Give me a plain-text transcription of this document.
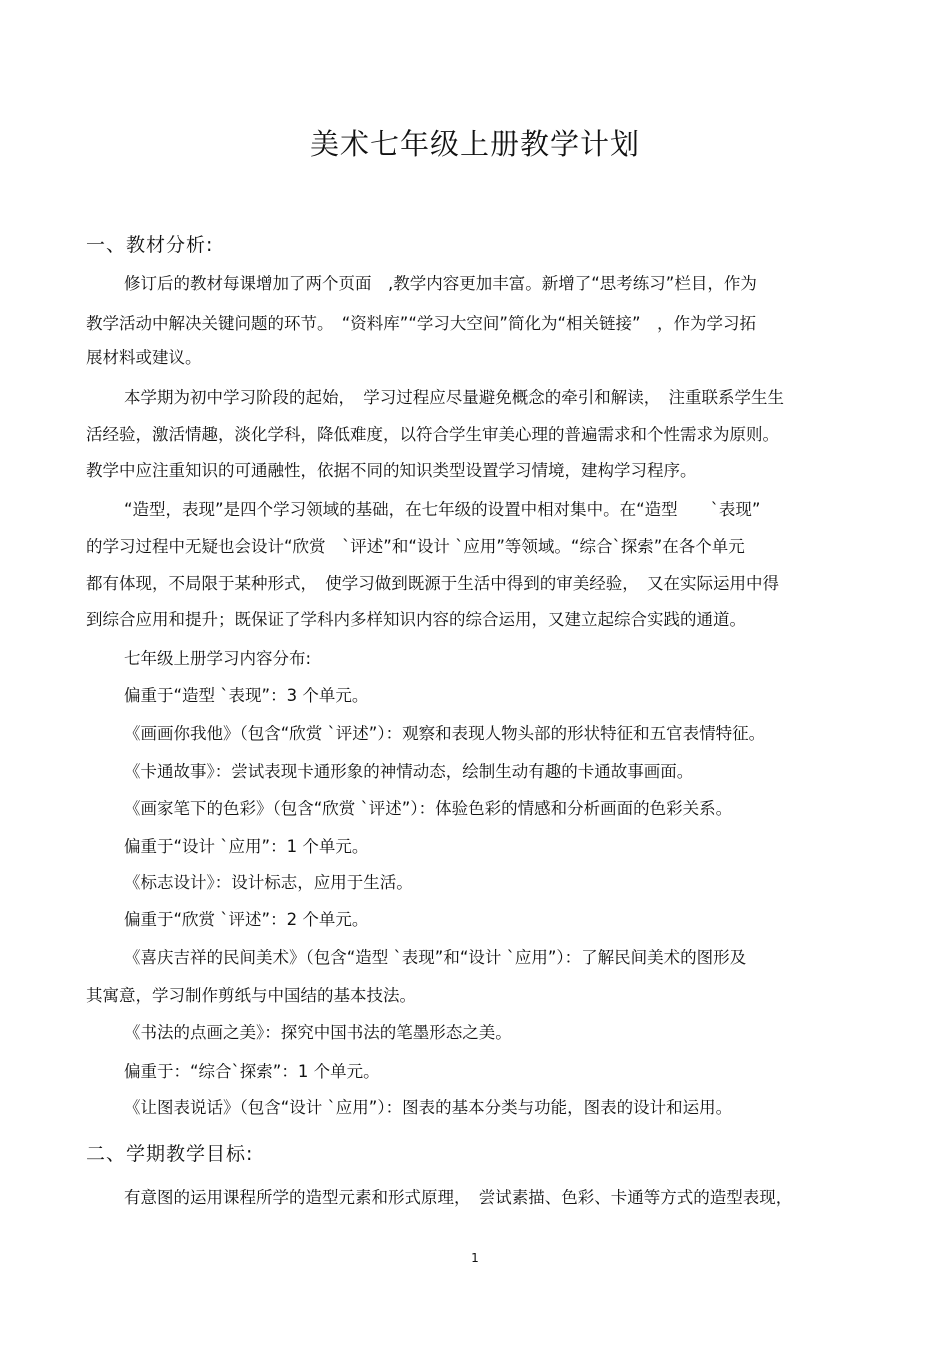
美术七年级上册教学计划
一、教材分析:
修订后的教材每课增加了两个页面　,教学内容更加丰富。新增了“思考练习”栏目，作为
教学活动中解决关键问题的环节。　“资料库”“学习大空间”简化为“相关链接”　，作为学习拓
展材料或建议。
本学期为初中学习阶段的起始，　学习过程应尽量避免概念的牵引和解读，　注重联系学生生
活经验，激活情趣，淡化学科，降低难度，以符合学生审美心理的普遍需求和个性需求为原则。
教学中应注重知识的可通融性，依据不同的知识类型设置学习情境，建构学习程序。
“造型，表现”是四个学习领域的基础，在七年级的设置中相对集中。在“造型　　`表现”
的学习过程中无疑也会设计“欣赏　`评述”和“设计 `应用”等领域。“综合`探索”在各个单元
都有体现，不局限于某种形式，　使学习做到既源于生活中得到的审美经验，　又在实际运用中得
到综合应用和提升；既保证了学科内多样知识内容的综合运用，又建立起综合实践的通道。
七年级上册学习内容分布:
偏重于“造型 `表现”：3 个单元。
《画画你我他》（包含“欣赏 `评述”）：观察和表现人物头部的形状特征和五官表情特征。
《卡通故事》：尝试表现卡通形象的神情动态，绘制生动有趣的卡通故事画面。
《画家笔下的色彩》（包含“欣赏 `评述”）：体验色彩的情感和分析画面的色彩关系。
偏重于“设计 `应用”：1 个单元。
《标志设计》：设计标志，应用于生活。
偏重于“欣赏 `评述”：2 个单元。
《喜庆吉祥的民间美术》（包含“造型 `表现”和“设计 `应用”）：了解民间美术的图形及
其寓意，学习制作剪纸与中国结的基本技法。
《书法的点画之美》：探究中国书法的笔墨形态之美。
偏重于：“综合`探索”：1 个单元。
《让图表说话》（包含“设计 `应用”）：图表的基本分类与功能，图表的设计和运用。
二、学期教学目标:
有意图的运用课程所学的造型元素和形式原理，　尝试素描、色彩、卡通等方式的造型表现，
1
